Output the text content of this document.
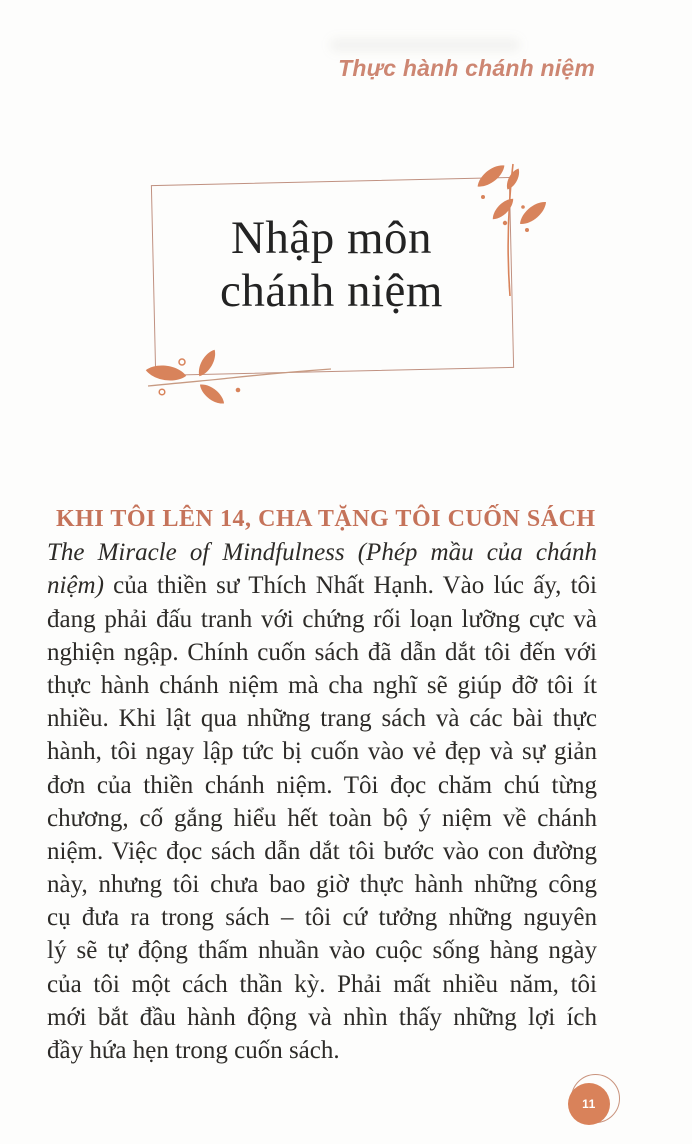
Thực hành chánh niệm
Nhập môn
chánh niệm
KHI TÔI LÊN 14, CHA TẶNG TÔI CUỐN SÁCH
The Miracle of Mindfulness (Phép mầu của chánh
niệm) của thiền sư Thích Nhất Hạnh. Vào lúc ấy, tôi
đang phải đấu tranh với chứng rối loạn lưỡng cực và
nghiện ngập. Chính cuốn sách đã dẫn dắt tôi đến với
thực hành chánh niệm mà cha nghĩ sẽ giúp đỡ tôi ít
nhiều. Khi lật qua những trang sách và các bài thực
hành, tôi ngay lập tức bị cuốn vào vẻ đẹp và sự giản
đơn của thiền chánh niệm. Tôi đọc chăm chú từng
chương, cố gắng hiểu hết toàn bộ ý niệm về chánh
niệm. Việc đọc sách dẫn dắt tôi bước vào con đường
này, nhưng tôi chưa bao giờ thực hành những công
cụ đưa ra trong sách – tôi cứ tưởng những nguyên
lý sẽ tự động thấm nhuần vào cuộc sống hàng ngày
của tôi một cách thần kỳ. Phải mất nhiều năm, tôi
mới bắt đầu hành động và nhìn thấy những lợi ích
đầy hứa hẹn trong cuốn sách.
11
